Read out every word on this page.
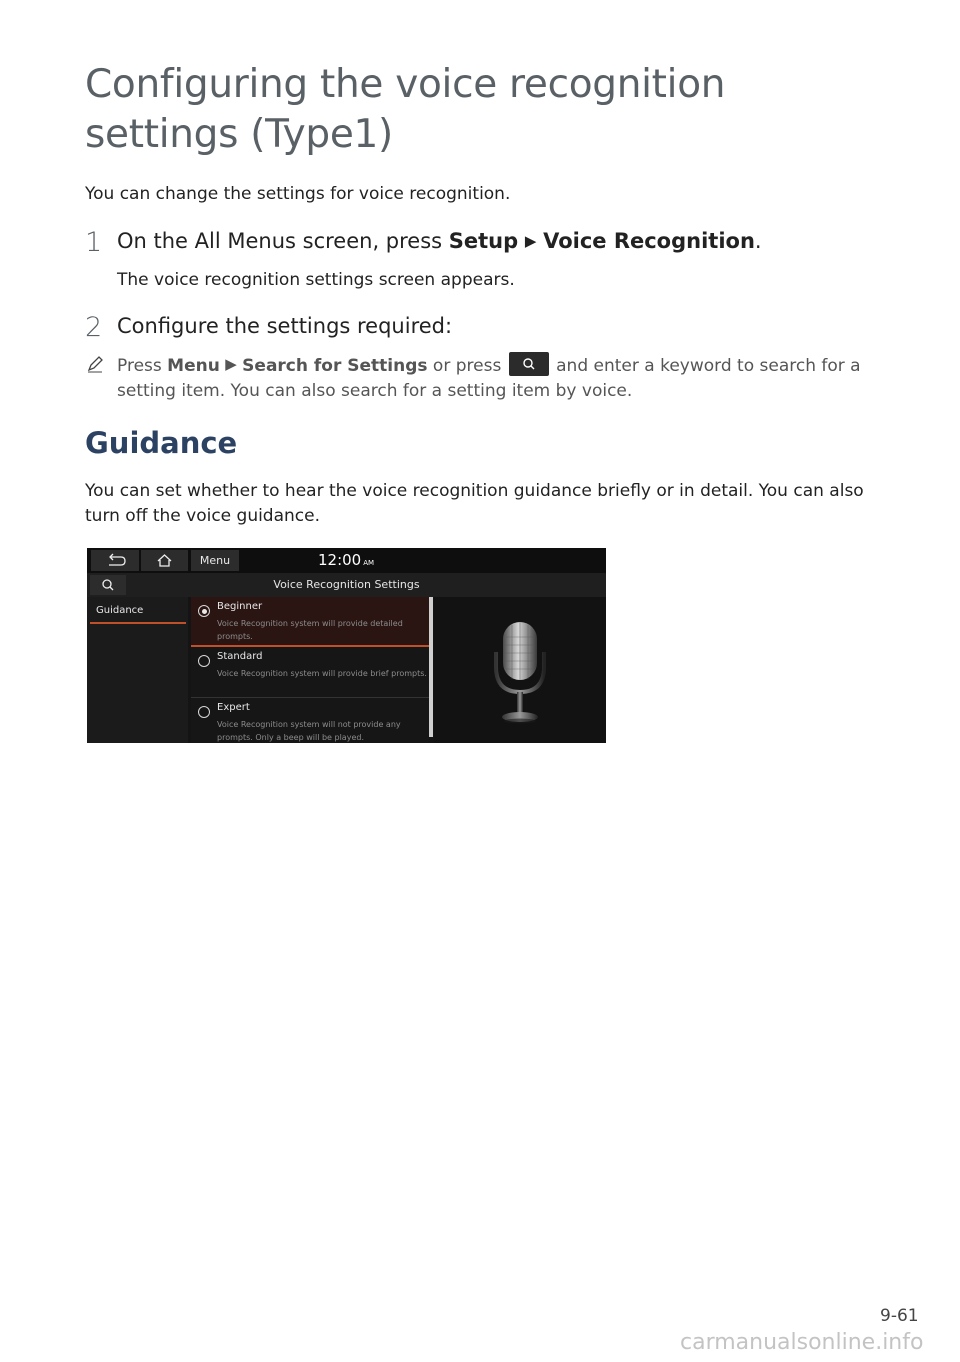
Configuring the voice recognition settings (Type1)
You can change the settings for voice recognition.
1 On the All Menus screen, press Setup ▶ Voice Recognition.
The voice recognition settings screen appears.
2 Configure the settings required:
Press Menu ▶ Search for Settings or press	and enter a keyword to search for a setting item. You can also search for a setting item by voice.
Guidance
You can set whether to hear the voice recognition guidance briefly or in detail. You can also turn off the voice guidance.
Menu	12:00 AM
Voice Recognition Settings
Guidance	Beginner
Voice Recognition system will provide detailed prompts.
Standard
Voice Recognition system will provide brief prompts.
Expert
Voice Recognition system will not provide any prompts. Only a beep will be played.
9-61
carmanualsonline.info
